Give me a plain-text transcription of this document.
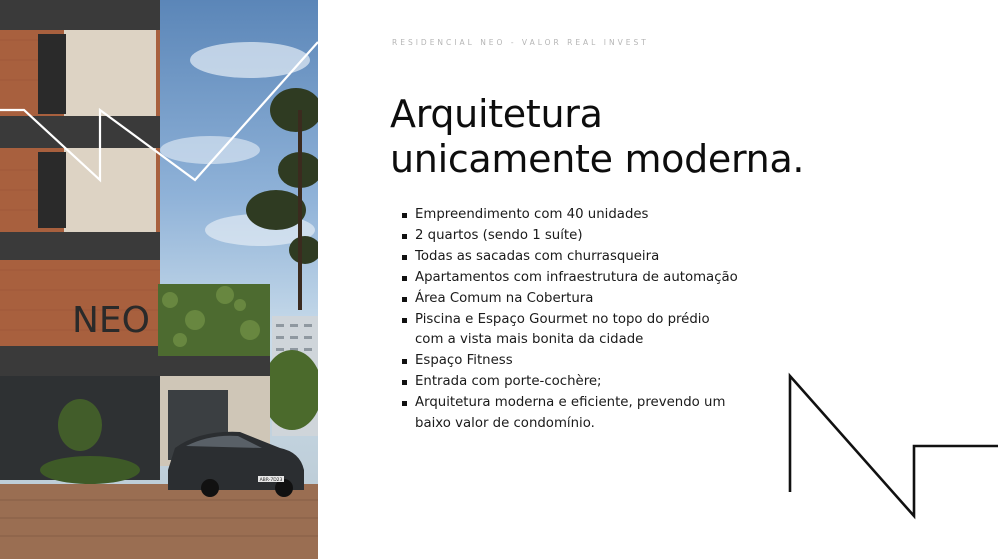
ABR-7D23
NEO
RESIDENCIAL NEO - VALOR REAL INVEST
Arquitetura
unicamente moderna.
Empreendimento com 40 unidades
2 quartos (sendo 1 suíte)
Todas as sacadas com churrasqueira
Apartamentos com infraestrutura de automação
Área Comum na Cobertura
Piscina e Espaço Gourmet no topo do prédio com a vista mais bonita da cidade
Espaço Fitness
Entrada com porte-cochère;
Arquitetura moderna e eficiente, prevendo um baixo valor de condomínio.
